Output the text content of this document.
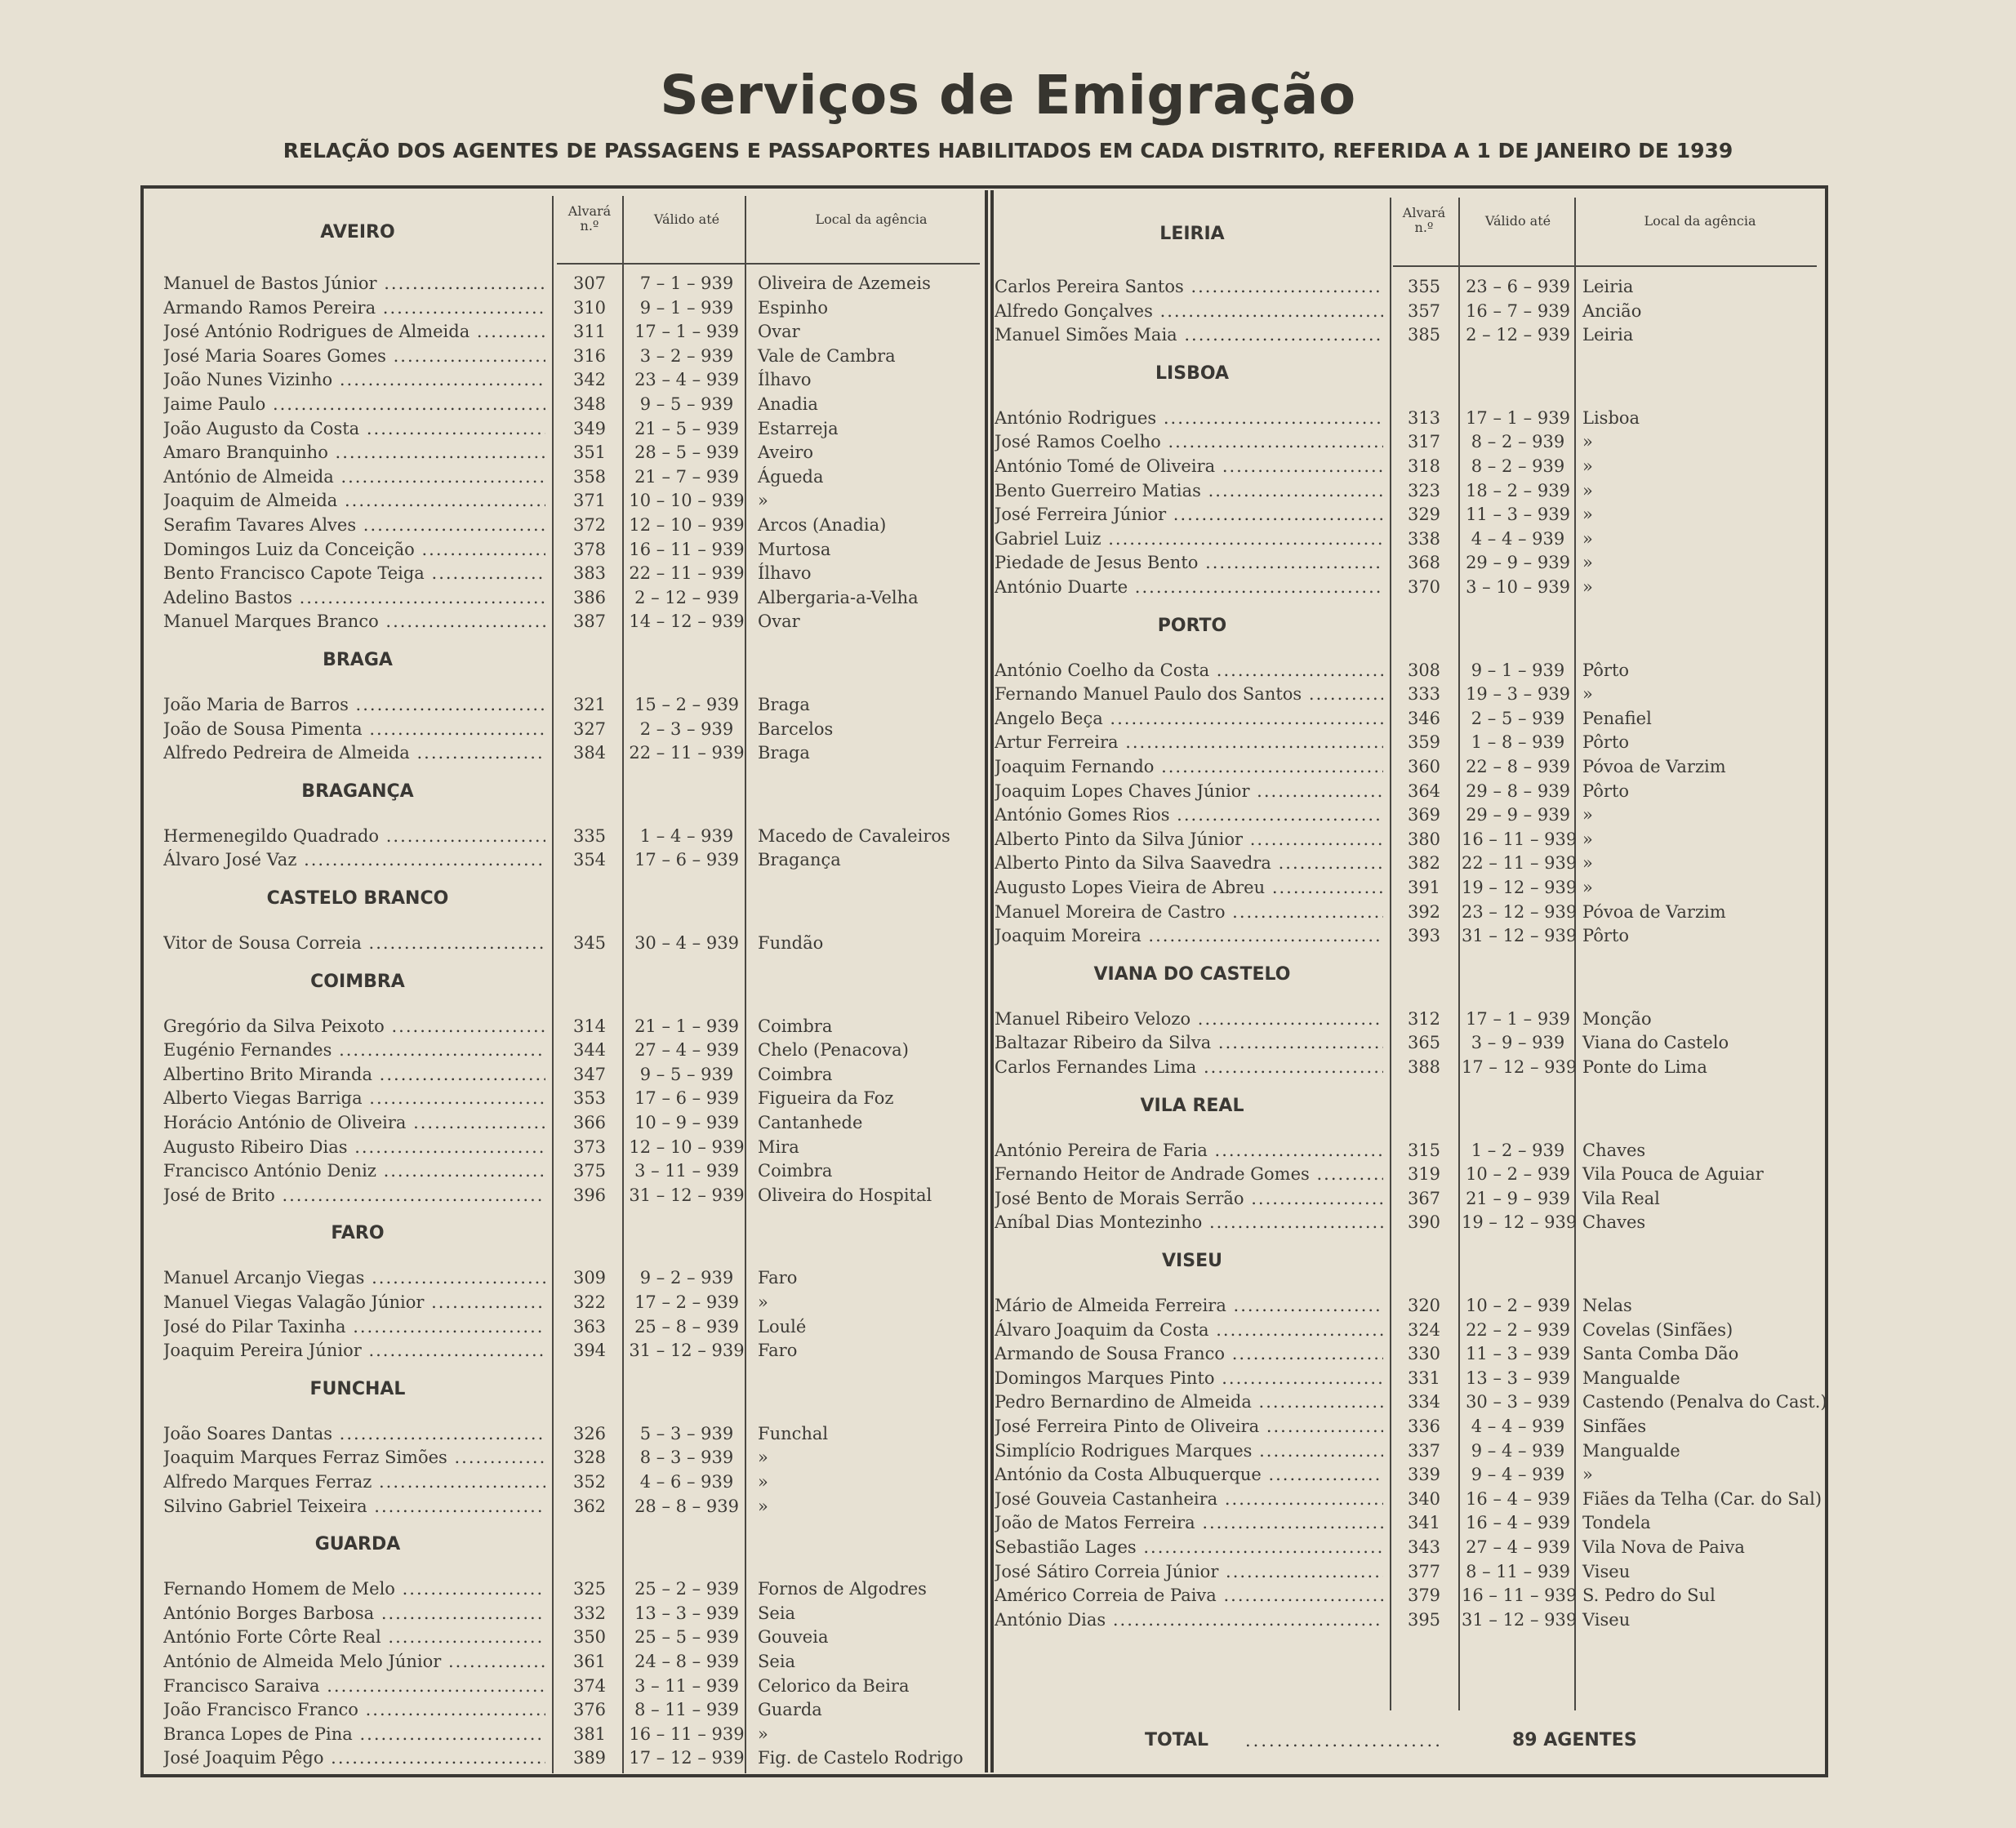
Serviços de Emigração
RELAÇÃO DOS AGENTES DE PASSAGENS E PASSAPORTES HABILITADOS EM CADA DISTRITO, REFERIDA A 1 DE JANEIRO DE 1939
Alvará
n.º	Válido até	Local da agência
AVEIRO
Manuel de Bastos Júnior .....	307	7 – 1 – 939	Oliveira de Azemeis
Armando Ramos Pereira .....	310	9 – 1 – 939	Espinho
José António Rodrigues de Almeida .....	311	17 – 1 – 939	Ovar
José Maria Soares Gomes .....	316	3 – 2 – 939	Vale de Cambra
João Nunes Vizinho .....	342	23 – 4 – 939	Ílhavo
Jaime Paulo .....	348	9 – 5 – 939	Anadia
João Augusto da Costa .....	349	21 – 5 – 939	Estarreja
Amaro Branquinho .....	351	28 – 5 – 939	Aveiro
António de Almeida .....	358	21 – 7 – 939	Águeda
Joaquim de Almeida .....	371	10 – 10 – 939 »
Serafim Tavares Alves .....	372	12 – 10 – 939 Arcos (Anadia)
Domingos Luiz da Conceição .....	378	16 – 11 – 939 Murtosa
Bento Francisco Capote Teiga .....	383	22 – 11 – 939 Ílhavo
Adelino Bastos .....	386	2 – 12 – 939	Albergaria-a-Velha
Manuel Marques Branco .....	387	14 – 12 – 939 Ovar
BRAGA
João Maria de Barros .....	321	15 – 2 – 939	Braga
João de Sousa Pimenta .....	327	2 – 3 – 939	Barcelos
Alfredo Pedreira de Almeida .....	384	22 – 11 – 939 Braga
BRAGANÇA
Hermenegildo Quadrado .....	335	1 – 4 – 939	Macedo de Cavaleiros
Álvaro José Vaz .....	354	17 – 6 – 939	Bragança
CASTELO BRANCO
Vitor de Sousa Correia .....	345	30 – 4 – 939	Fundão
COIMBRA
Gregório da Silva Peixoto .....	314	21 – 1 – 939	Coimbra
Eugénio Fernandes .....	344	27 – 4 – 939	Chelo (Penacova)
Albertino Brito Miranda .....	347	9 – 5 – 939	Coimbra
Alberto Viegas Barriga .....	353	17 – 6 – 939	Figueira da Foz
Horácio António de Oliveira .....	366	10 – 9 – 939	Cantanhede
Augusto Ribeiro Dias .....	373	12 – 10 – 939 Mira
Francisco António Deniz .....	375	3 – 11 – 939	Coimbra
José de Brito .....	396	31 – 12 – 939 Oliveira do Hospital
FARO
Manuel Arcanjo Viegas .....	309	9 – 2 – 939	Faro
Manuel Viegas Valagão Júnior .....	322	17 – 2 – 939	»
José do Pilar Taxinha .....	363	25 – 8 – 939	Loulé
Joaquim Pereira Júnior .....	394	31 – 12 – 939 Faro
FUNCHAL
João Soares Dantas .....	326	5 – 3 – 939	Funchal
Joaquim Marques Ferraz Simões .....	328	8 – 3 – 939	»
Alfredo Marques Ferraz .....	352	4 – 6 – 939	»
Silvino Gabriel Teixeira .....	362	28 – 8 – 939	»
GUARDA
Fernando Homem de Melo .....	325	25 – 2 – 939	Fornos de Algodres
António Borges Barbosa .....	332	13 – 3 – 939	Seia
António Forte Côrte Real .....	350	25 – 5 – 939	Gouveia
António de Almeida Melo Júnior .....	361	24 – 8 – 939	Seia
Francisco Saraiva .....	374	3 – 11 – 939	Celorico da Beira
João Francisco Franco .....	376	8 – 11 – 939	Guarda
Branca Lopes de Pina .....	381	16 – 11 – 939 »
José Joaquim Pêgo .....	389	17 – 12 – 939 Fig. de Castelo Rodrigo
Alvará
n.º	Válido até	Local da agência
LEIRIA
Carlos Pereira Santos .....	355	23 – 6 – 939 Leiria
Alfredo Gonçalves .....	357	16 – 7 – 939 Ancião
Manuel Simões Maia .....	385	2 – 12 – 939 Leiria
LISBOA
António Rodrigues .....	313	17 – 1 – 939 Lisboa
José Ramos Coelho .....	317	8 – 2 – 939	»
António Tomé de Oliveira .....	318	8 – 2 – 939	»
Bento Guerreiro Matias .....	323	18 – 2 – 939 »
José Ferreira Júnior .....	329	11 – 3 – 939 »
Gabriel Luiz .....	338	4 – 4 – 939	»
Piedade de Jesus Bento .....	368	29 – 9 – 939 »
António Duarte .....	370	3 – 10 – 939 »
PORTO
António Coelho da Costa .....	308	9 – 1 – 939	Pôrto
Fernando Manuel Paulo dos Santos .....	333	19 – 3 – 939 »
Angelo Beça .....	346	2 – 5 – 939	Penafiel
Artur Ferreira .....	359	1 – 8 – 939	Pôrto
Joaquim Fernando .....	360	22 – 8 – 939 Póvoa de Varzim
Joaquim Lopes Chaves Júnior .....	364	29 – 8 – 939 Pôrto
António Gomes Rios .....	369	29 – 9 – 939 »
Alberto Pinto da Silva Júnior .....	380	16 – 11 – 939 »
Alberto Pinto da Silva Saavedra .....	382	22 – 11 – 939 »
Augusto Lopes Vieira de Abreu .....	391	19 – 12 – 939 »
Manuel Moreira de Castro .....	392	23 – 12 – 939 Póvoa de Varzim
Joaquim Moreira .....	393	31 – 12 – 939 Pôrto
VIANA DO CASTELO
Manuel Ribeiro Velozo .....	312	17 – 1 – 939 Monção
Baltazar Ribeiro da Silva .....	365	3 – 9 – 939	Viana do Castelo
Carlos Fernandes Lima .....	388	17 – 12 – 939 Ponte do Lima
VILA REAL
António Pereira de Faria .....	315	1 – 2 – 939	Chaves
Fernando Heitor de Andrade Gomes .....	319	10 – 2 – 939 Vila Pouca de Aguiar
José Bento de Morais Serrão .....	367	21 – 9 – 939 Vila Real
Aníbal Dias Montezinho .....	390	19 – 12 – 939 Chaves
VISEU
Mário de Almeida Ferreira .....	320	10 – 2 – 939 Nelas
Álvaro Joaquim da Costa .....	324	22 – 2 – 939 Covelas (Sinfães)
Armando de Sousa Franco .....	330	11 – 3 – 939 Santa Comba Dão
Domingos Marques Pinto .....	331	13 – 3 – 939 Mangualde
Pedro Bernardino de Almeida .....	334	30 – 3 – 939 Castendo (Penalva do Cast.)
José Ferreira Pinto de Oliveira .....	336	4 – 4 – 939	Sinfães
Simplício Rodrigues Marques .....	337	9 – 4 – 939	Mangualde
António da Costa Albuquerque .....	339	9 – 4 – 939	»
José Gouveia Castanheira .....	340	16 – 4 – 939 Fiães da Telha (Car. do Sal)
João de Matos Ferreira .....	341	16 – 4 – 939 Tondela
Sebastião Lages .....	343	27 – 4 – 939 Vila Nova de Paiva
José Sátiro Correia Júnior .....	377	8 – 11 – 939 Viseu
Américo Correia de Paiva .....	379	16 – 11 – 939 S. Pedro do Sul
António Dias .....	395	31 – 12 – 939 Viseu
TOTAL .........................	89 AGENTES
